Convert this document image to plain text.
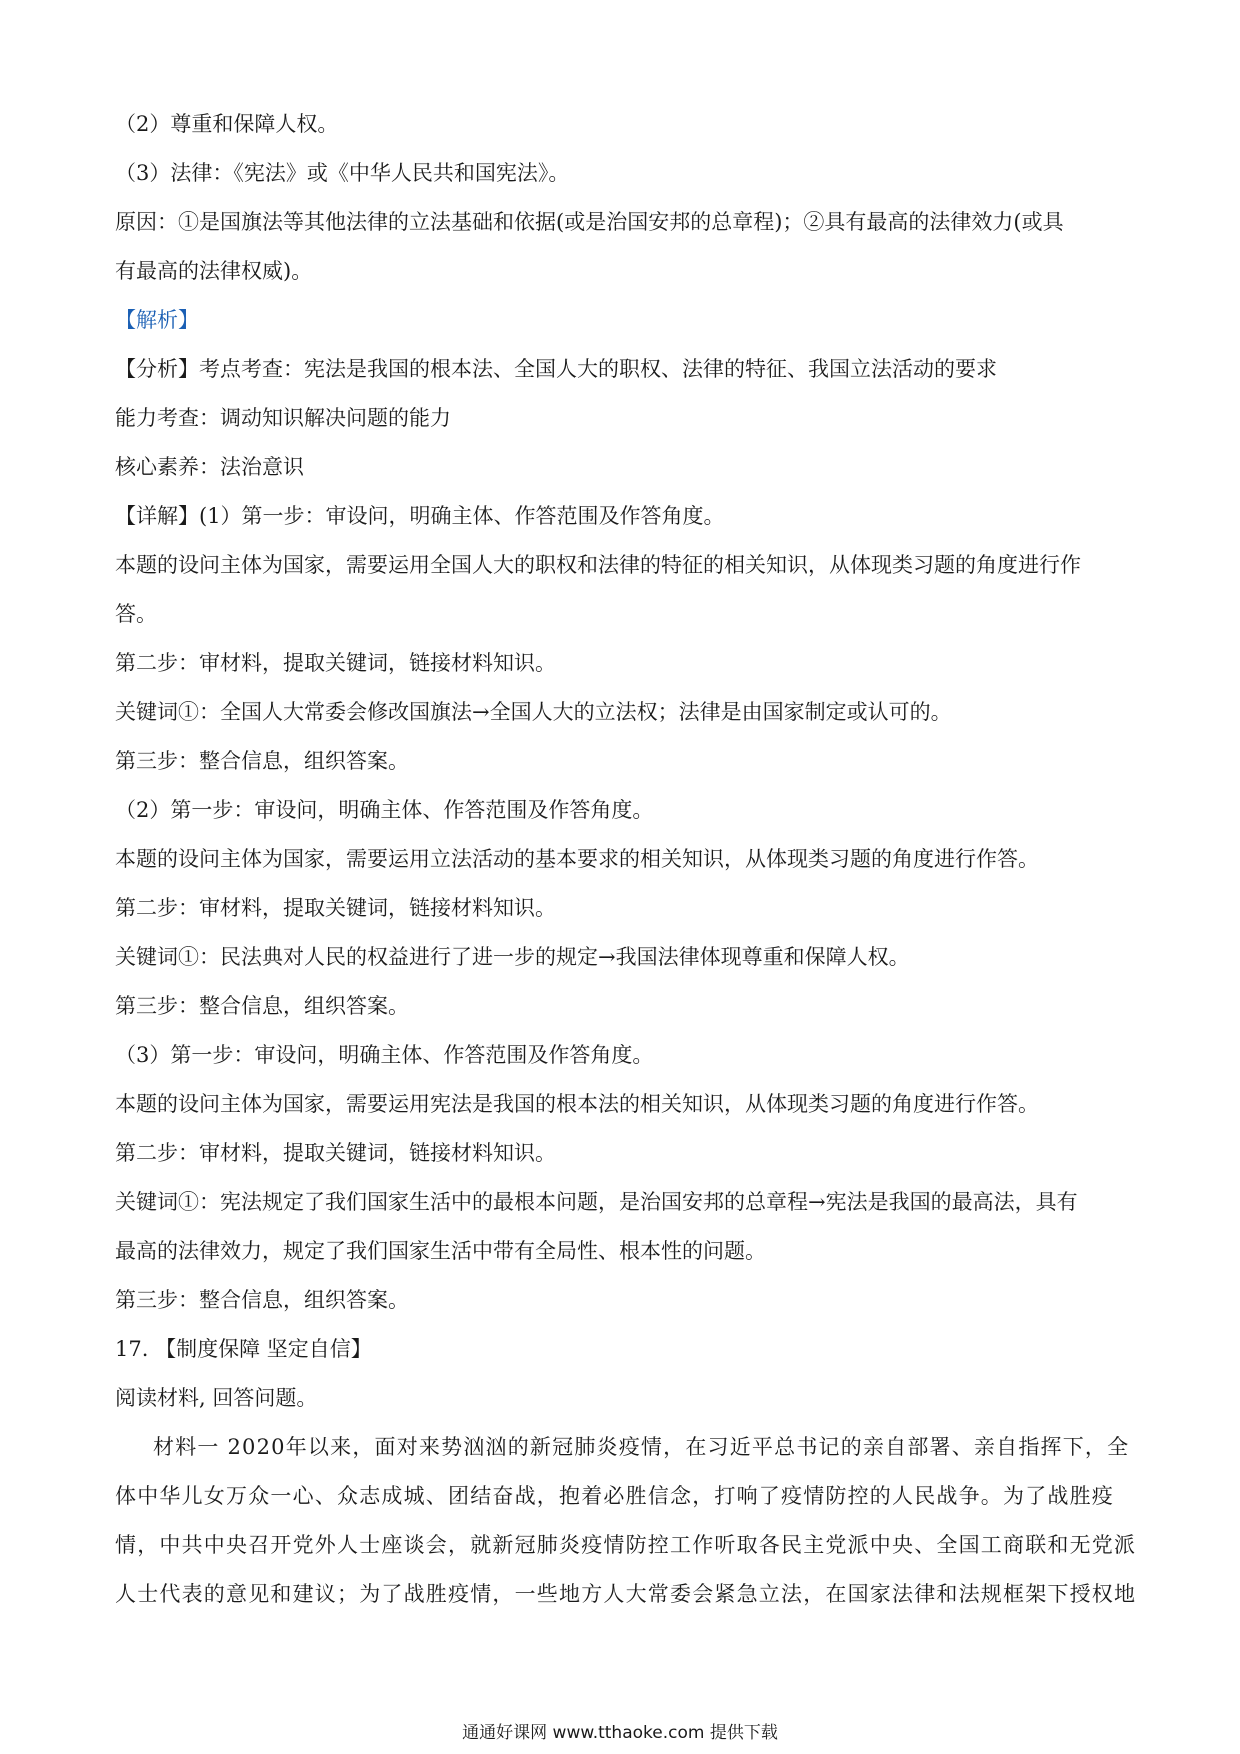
（2）尊重和保障人权。

（3）法律：《宪法》或《中华人民共和国宪法》。

原因：①是国旗法等其他法律的立法基础和依据(或是治国安邦的总章程)；②具有最高的法律效力(或具

有最高的法律权威)。

【解析】

【分析】考点考查：宪法是我国的根本法、全国人大的职权、法律的特征、我国立法活动的要求

能力考查：调动知识解决问题的能力

核心素养：法治意识

【详解】(1）第一步：审设问，明确主体、作答范围及作答角度。

本题的设问主体为国家，需要运用全国人大的职权和法律的特征的相关知识，从体现类习题的角度进行作

答。

第二步：审材料，提取关键词，链接材料知识。

关键词①：全国人大常委会修改国旗法→全国人大的立法权；法律是由国家制定或认可的。

第三步：整合信息，组织答案。

（2）第一步：审设问，明确主体、作答范围及作答角度。

本题的设问主体为国家，需要运用立法活动的基本要求的相关知识，从体现类习题的角度进行作答。

第二步：审材料，提取关键词，链接材料知识。

关键词①：民法典对人民的权益进行了进一步的规定→我国法律体现尊重和保障人权。

第三步：整合信息，组织答案。

（3）第一步：审设问，明确主体、作答范围及作答角度。

本题的设问主体为国家，需要运用宪法是我国的根本法的相关知识，从体现类习题的角度进行作答。

第二步：审材料，提取关键词，链接材料知识。

关键词①：宪法规定了我们国家生活中的最根本问题，是治国安邦的总章程→宪法是我国的最高法，具有

最高的法律效力，规定了我们国家生活中带有全局性、根本性的问题。

第三步：整合信息，组织答案。

17. 【制度保障 坚定自信】

阅读材料, 回答问题。

材料一 2020年以来，面对来势汹汹的新冠肺炎疫情，在习近平总书记的亲自部署、亲自指挥下，全

体中华儿女万众一心、众志成城、团结奋战，抱着必胜信念，打响了疫情防控的人民战争。为了战胜疫

情，中共中央召开党外人士座谈会，就新冠肺炎疫情防控工作听取各民主党派中央、全国工商联和无党派

人士代表的意见和建议；为了战胜疫情，一些地方人大常委会紧急立法，在国家法律和法规框架下授权地

通通好课网 www.tthaoke.com 提供下载
